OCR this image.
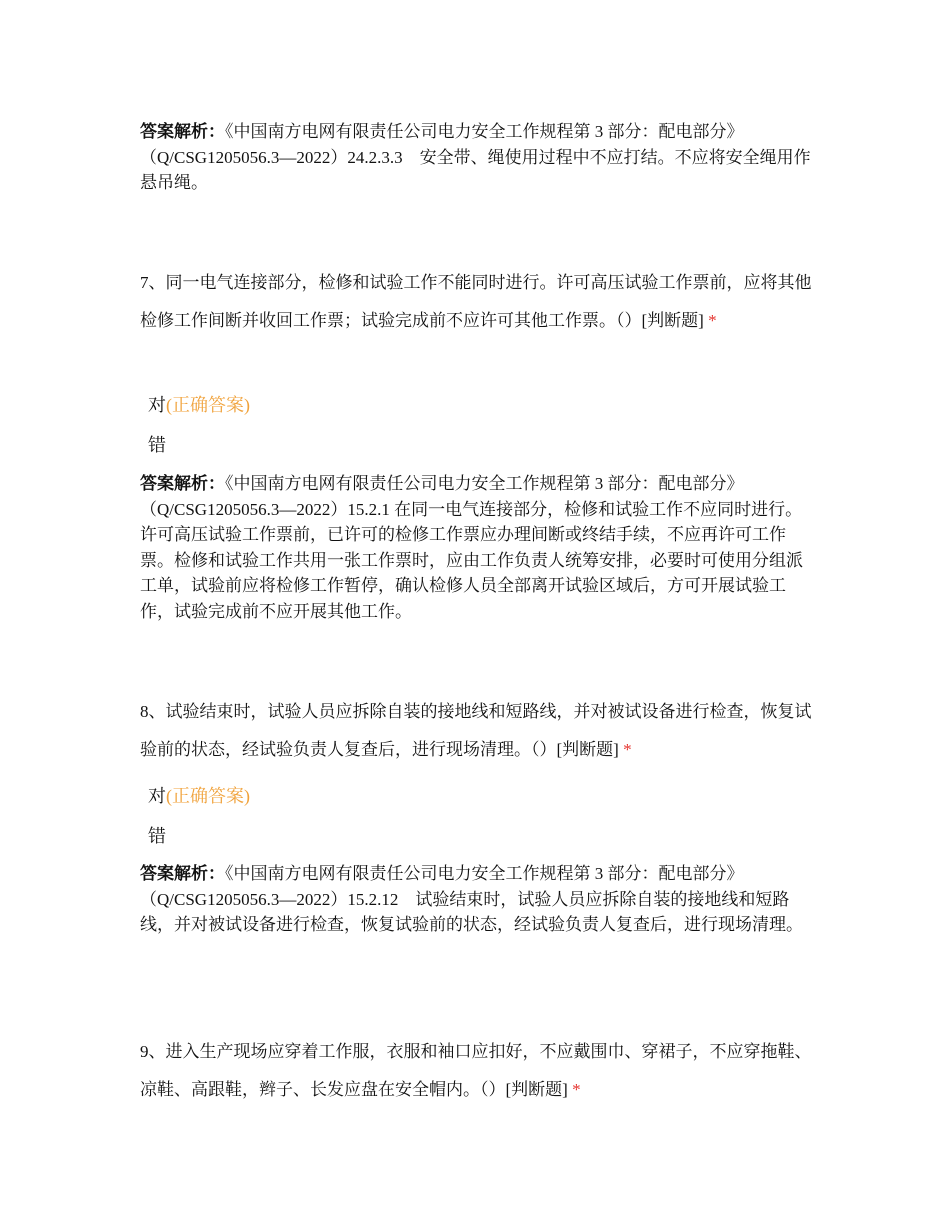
答案解析：《中国南方电网有限责任公司电力安全工作规程第 3 部分：配电部分》（Q/CSG1205056.3—2022）24.2.3.3　安全带、绳使用过程中不应打结。不应将安全绳用作悬吊绳。
7、同一电气连接部分，检修和试验工作不能同时进行。许可高压试验工作票前，应将其他检修工作间断并收回工作票；试验完成前不应许可其他工作票。（）[判断题] *
对(正确答案)
错
答案解析：《中国南方电网有限责任公司电力安全工作规程第 3 部分：配电部分》（Q/CSG1205056.3—2022）15.2.1 在同一电气连接部分，检修和试验工作不应同时进行。许可高压试验工作票前，已许可的检修工作票应办理间断或终结手续，不应再许可工作票。检修和试验工作共用一张工作票时，应由工作负责人统筹安排，必要时可使用分组派工单，试验前应将检修工作暂停，确认检修人员全部离开试验区域后，方可开展试验工作，试验完成前不应开展其他工作。
8、试验结束时，试验人员应拆除自装的接地线和短路线，并对被试设备进行检查，恢复试验前的状态，经试验负责人复查后，进行现场清理。（）[判断题] *
对(正确答案)
错
答案解析：《中国南方电网有限责任公司电力安全工作规程第 3 部分：配电部分》（Q/CSG1205056.3—2022）15.2.12　试验结束时，试验人员应拆除自装的接地线和短路线，并对被试设备进行检查，恢复试验前的状态，经试验负责人复查后，进行现场清理。
9、进入生产现场应穿着工作服，衣服和袖口应扣好，不应戴围巾、穿裙子，不应穿拖鞋、凉鞋、高跟鞋，辫子、长发应盘在安全帽内。（）[判断题] *
